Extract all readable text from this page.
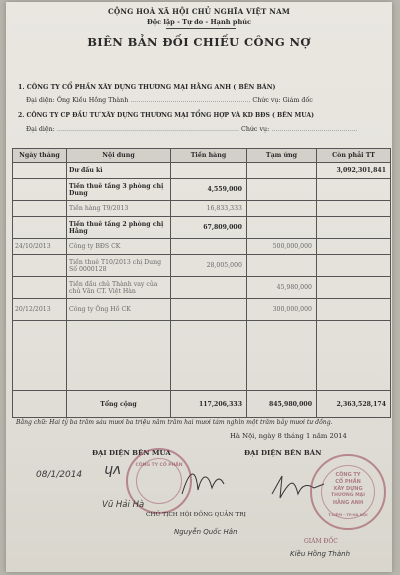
CỘNG HOÀ XÃ HỘI CHỦ NGHĨA VIỆT NAM
Độc lập - Tự do - Hạnh phúc
BIÊN BẢN ĐỐI CHIẾU CÔNG NỢ
1. CÔNG TY CỔ PHẦN XÂY DỰNG THƯƠNG MẠI HẰNG ANH ( BÊN BÁN)
Đại diện: Ông Kiều Hồng Thành ............................................................ Chức vụ: Giám đốc
2. CÔNG TY CP ĐẦU TƯ XÂY DỰNG THƯƠNG MẠI TỔNG HỢP VÀ KD BĐS ( BÊN MUA)
Đại diện: ........................................................................................... Chức vụ: ...........................................
Ngày tháng	Nội dung	Tiền hàng	Tạm ứng	Còn phải TT
	Dư đầu kì			3,092,301,841
	Tiền thuê tầng 3 phòng chị Dung	4,559,000		
	Tiền hàng T9/2013	16,833,333		
	Tiền thuê tầng 2 phòng chị Hằng	67,809,000		
24/10/2013	Công ty BĐS CK		500,000,000	
	Tiền thuê T10/2013 chị Dung Số 0000128	28,005,000		
	Tiền đầu chủ Thành vay của chủ Văn CT. Việt Hàn		45,980,000	
20/12/2013	Công ty Ông Hồ CK		300,000,000	

	Tổng cộng	117,206,333	845,980,000	2,363,528,174
Bằng chữ: Hai tỷ ba trăm sáu mươi ba triệu năm trăm hai mươi tám nghìn một trăm bảy mươi tư đồng.
Hà Nội, ngày 8 tháng 1 năm 2014
ĐẠI DIỆN BÊN MUA	ĐẠI DIỆN BÊN BÁN
CÔNG TY CỔ PHẦN
08/1/2014 ɥᴧ
Vũ Hải Hà
CHỦ TỊCH HỘI ĐỒNG QUẢN TRỊ
Nguyễn Quốc Hân
CÔNG TY
CỔ PHẦN
XÂY DỰNG
THƯƠNG MẠI
HẰNG ANH
T.LIÊM - TP.HÀ NỘI
GIÁM ĐỐC
Kiều Hồng Thành
